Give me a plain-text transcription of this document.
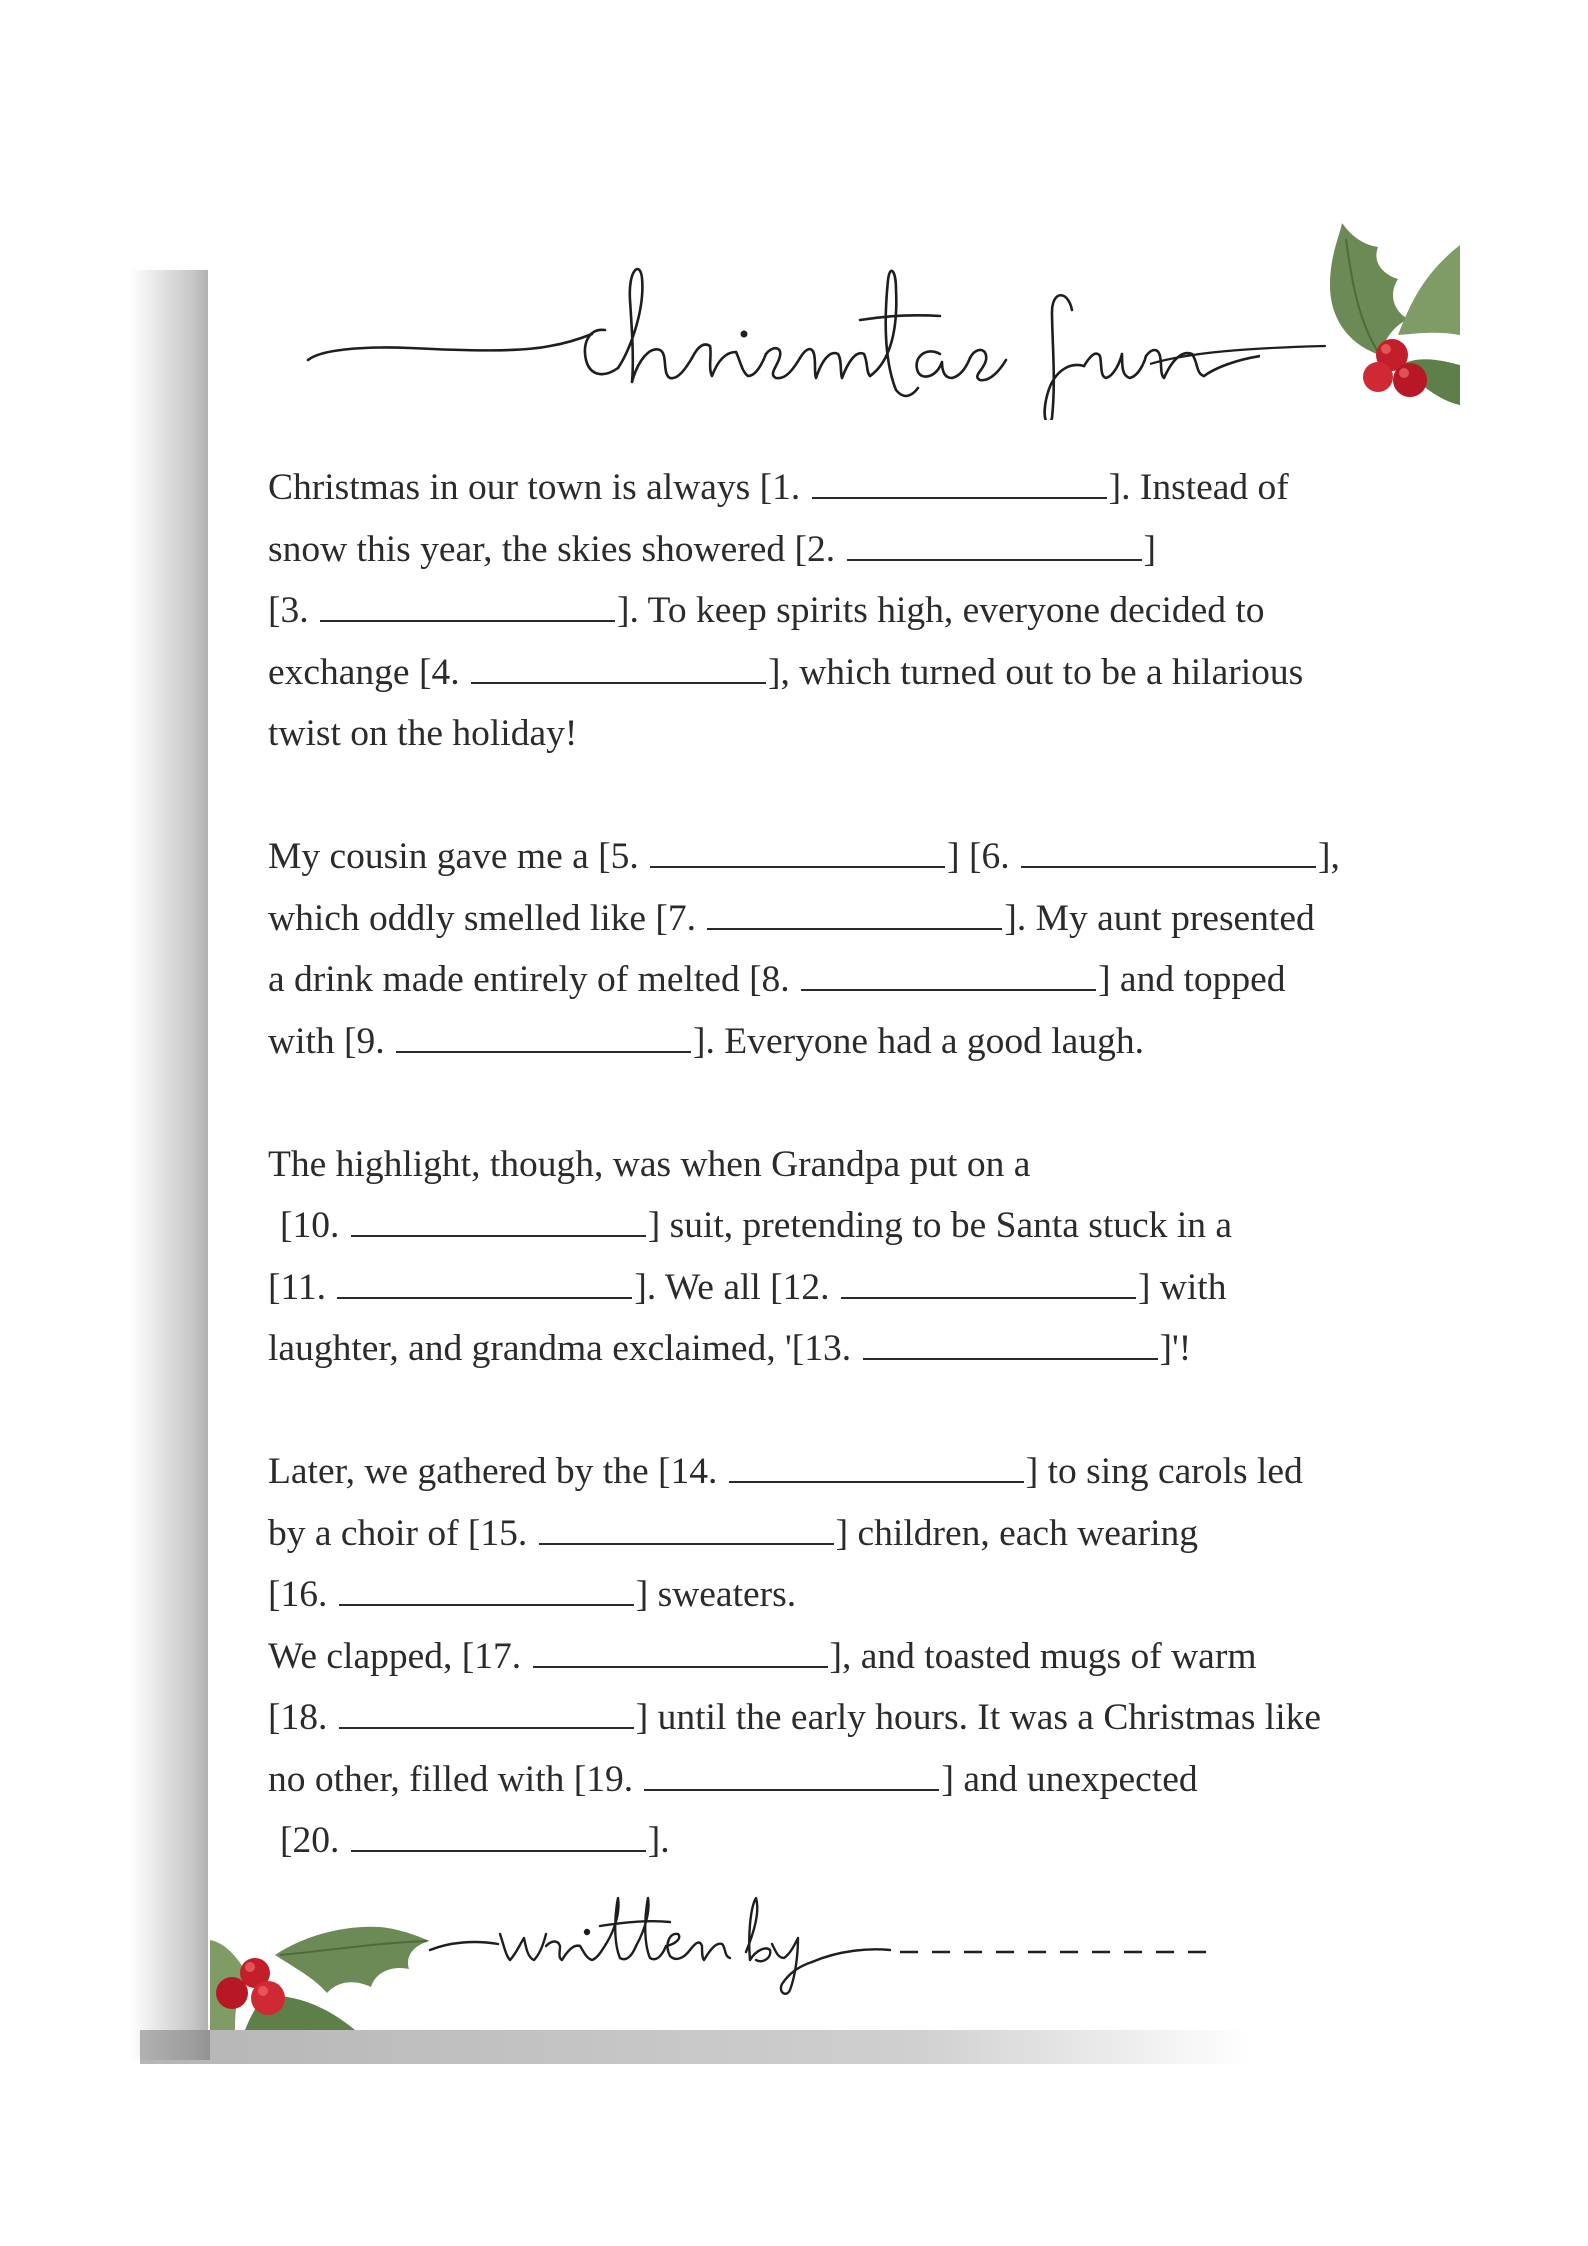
Christmas in our town is always [1.	]. Instead of
snow this year, the skies showered [2.	]
[3.	]. To keep spirits high, everyone decided to
exchange [4.	], which turned out to be a hilarious
twist on the holiday!

My cousin gave me a [5.	] [6.	],
which oddly smelled like [7.	]. My aunt presented
a drink made entirely of melted [8.	] and topped
with [9.	]. Everyone had a good laugh.

The highlight, though, was when Grandpa put on a
[10.	] suit, pretending to be Santa stuck in a
[11.	]. We all [12.	] with
laughter, and grandma exclaimed, '[13.	]'!

Later, we gathered by the [14.	] to sing carols led
by a choir of [15.	] children, each wearing
[16.	] sweaters.
We clapped, [17.	], and toasted mugs of warm
[18.	] until the early hours. It was a Christmas like
no other, filled with [19.	] and unexpected
[20.	].
